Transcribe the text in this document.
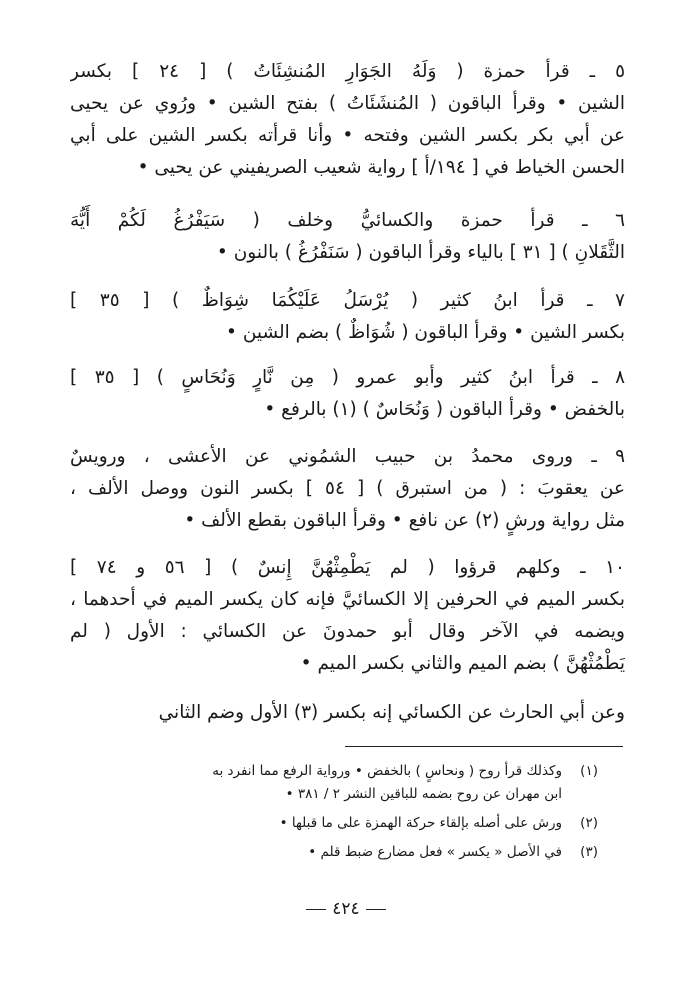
٥ ـ قرأ حمزة ( وَلَهُ الجَوَارِ المُنشِئَاتُ ) [ ٢٤ ] بكسر
الشين • وقرأ الباقون ( المُنشَئَاتُ ) بفتح الشين • ورُوي عن يحيى
عن أبي بكر بكسر الشين وفتحه • وأنا قرأته بكسر الشين على أبي
الحسن الخياط في [ ١٩٤/أ ] رواية شعيب الصريفيني عن يحيى •
٦ ـ قرأ حمزة والكسائيُّ وخلف ( سَيَفْرُغُ لَكُمْ أَيُّهَ
الثَّقَلانِ ) [ ٣١ ] بالياء وقرأ الباقون ( سَنَفْرُغُ ) بالنون •
٧ ـ قرأ ابنُ كثير ( يُرْسَلُ عَلَيْكُمَا شِوَاظٌ ) [ ٣٥ ]
بكسر الشين • وقرأ الباقون ( شُوَاظٌ ) بضم الشين •
٨ ـ قرأ ابنُ كثير وأبو عمرو ( مِن نَّارٍ وَنُحَاسٍ ) [ ٣٥ ]
بالخفض • وقرأ الباقون ( وَنُحَاسٌ ) (١) بالرفع •
٩ ـ وروى محمدُ بن حبيب الشمُوني عن الأعشى ، ورويسٌ
عن يعقوبَ : ( من استبرق ) [ ٥٤ ] بكسر النون ووصل الألف ،
مثل رواية ورشٍ (٢) عن نافع • وقرأ الباقون بقطع الألف •
١٠ ـ وكلهم قرؤوا ( لم يَطْمِثْهُنَّ إِنسٌ ) [ ٥٦ و ٧٤ ]
بكسر الميم في الحرفين إلا الكسائيَّ فإنه كان يكسر الميم في أحدهما ،
ويضمه في الآخر وقال أبو حمدونَ عن الكسائي : الأول ( لم
يَطْمُثْهُنَّ ) بضم الميم والثاني بكسر الميم •
وعن أبي الحارث عن الكسائي إنه بكسر (٣) الأول وضم الثاني
(١)
وكذلك قرأ روح ( ونحاسٍ ) بالخفض • ورواية الرفع مما انفرد به
ابن مهران عن روح بضمه للباقين النشر ٢ / ٣٨١ •
(٢)
ورش على أصله بإلقاء حركة الهمزة على ما قبلها •
(٣)
في الأصل « يكسر » فعل مضارع ضبط قلم •
٤٢٤
